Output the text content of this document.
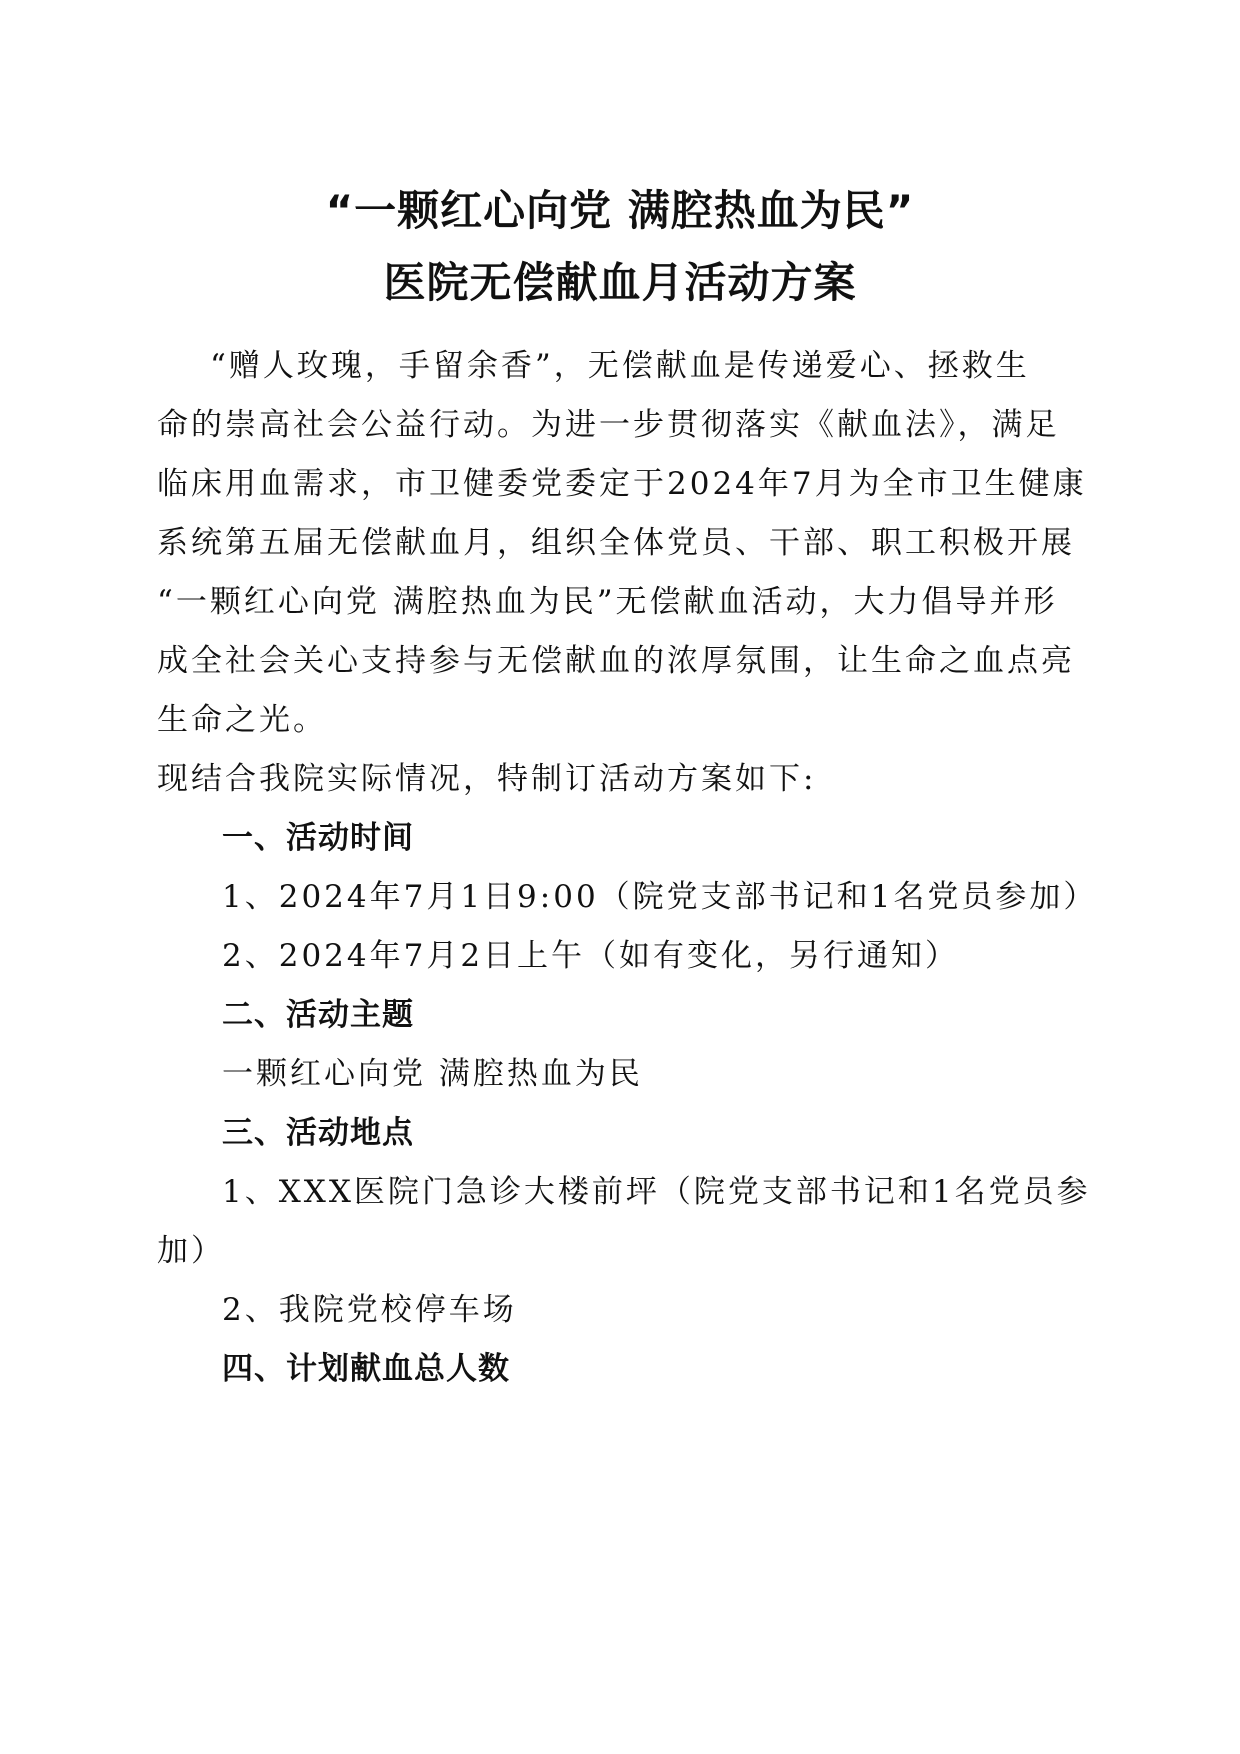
“一颗红心向党 满腔热血为民”
医院无偿献血月活动方案

“赠人玫瑰，手留余香”，无偿献血是传递爱心、拯救生

命的崇高社会公益行动。为进一步贯彻落实《献血法》，满足

临床用血需求，市卫健委党委定于2024年7月为全市卫生健康

系统第五届无偿献血月，组织全体党员、干部、职工积极开展

“一颗红心向党 满腔热血为民”无偿献血活动，大力倡导并形

成全社会关心支持参与无偿献血的浓厚氛围，让生命之血点亮

生命之光。

现结合我院实际情况，特制订活动方案如下:

一、活动时间

1、2024年7月1日9:00（院党支部书记和1名党员参加）

2、2024年7月2日上午（如有变化，另行通知）

二、活动主题

一颗红心向党 满腔热血为民

三、活动地点

1、XXX医院门急诊大楼前坪（院党支部书记和1名党员参

加）

2、我院党校停车场

四、计划献血总人数
